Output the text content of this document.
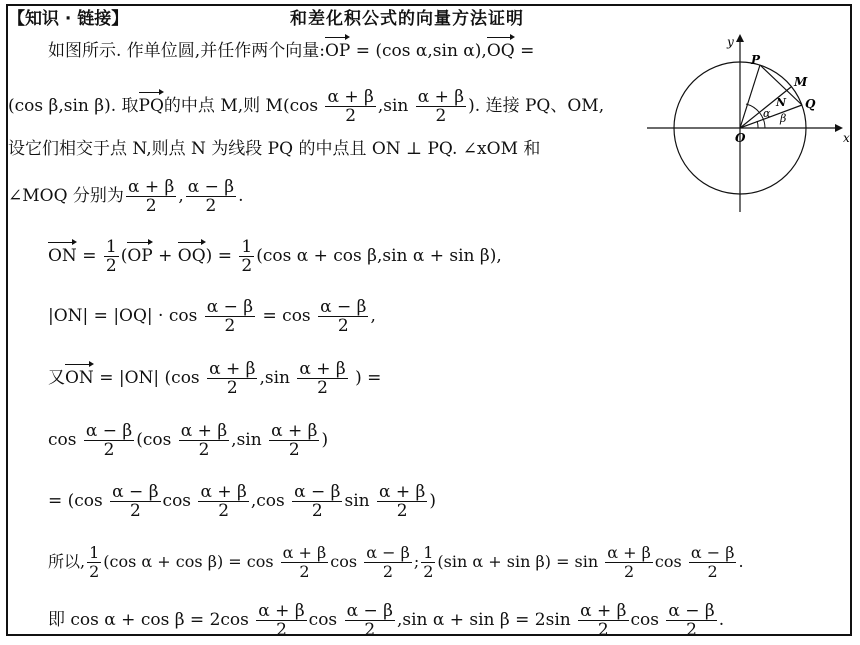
【知识 · 链接】	和差化积公式的向量方法证明
如图所示. 作单位圆,并任作两个向量:OP = (cos α,sin α),OQ =
(cos β,sin β). 取PQ的中点 M,则 $M(\cos \frac{\alpha + \beta}{2} ,\sin \frac{\alpha + \beta}{2}$ ). 连接 PQ、OM,
设它们相交于点 N,则点 N 为线段 PQ 的中点且 ON ⊥ PQ. ∠xOM 和
∠MOQ 分别为 $\frac{\alpha + \beta}{2}$ , $\frac{\alpha - \beta}{2}$ .
ON = $\frac{1}{2} (OP + OQ) = \frac{1}{2} (\cos$ α + cos β,sin α + sin β),
$|ON| = |OQ| \cdot \cos \frac{\alpha - \beta}{2} = \cos \frac{\alpha - \beta}{2}$ ,
又ON = |ON| ($\cos \frac{\alpha + \beta}{2} ,\sin \frac{\alpha + \beta}{2}$ ) =
$\cos \frac{\alpha - \beta}{2} (\cos \frac{\alpha + \beta}{2} ,\sin \frac{\alpha + \beta}{2}$ )
= ($\cos \frac{\alpha - \beta}{2}$ $\cos \frac{\alpha + \beta}{2} ,\cos \frac{\alpha - \beta}{2}$ $\sin \frac{\alpha + \beta}{2}$ )
所以, $\frac{1}{2} (\cos$ $\alpha + \cos \beta) = \cos \frac{\alpha + \beta}{2}$ $\cos \frac{\alpha - \beta}{2}$ ; $\frac{1}{2} (\sin$ $\alpha + \sin \beta) = \sin \frac{\alpha + \beta}{2}$ $\cos \frac{\alpha - \beta}{2}$ .
即 $\cos \alpha + \cos \beta = 2\cos \frac{\alpha + \beta}{2}$ $\cos \frac{\alpha - \beta}{2} ,\sin$ $\alpha + \sin \beta = 2\sin \frac{\alpha + \beta}{2}$ $\cos \frac{\alpha - \beta}{2}$ .
y
x
P
M
N Q
O
α β
